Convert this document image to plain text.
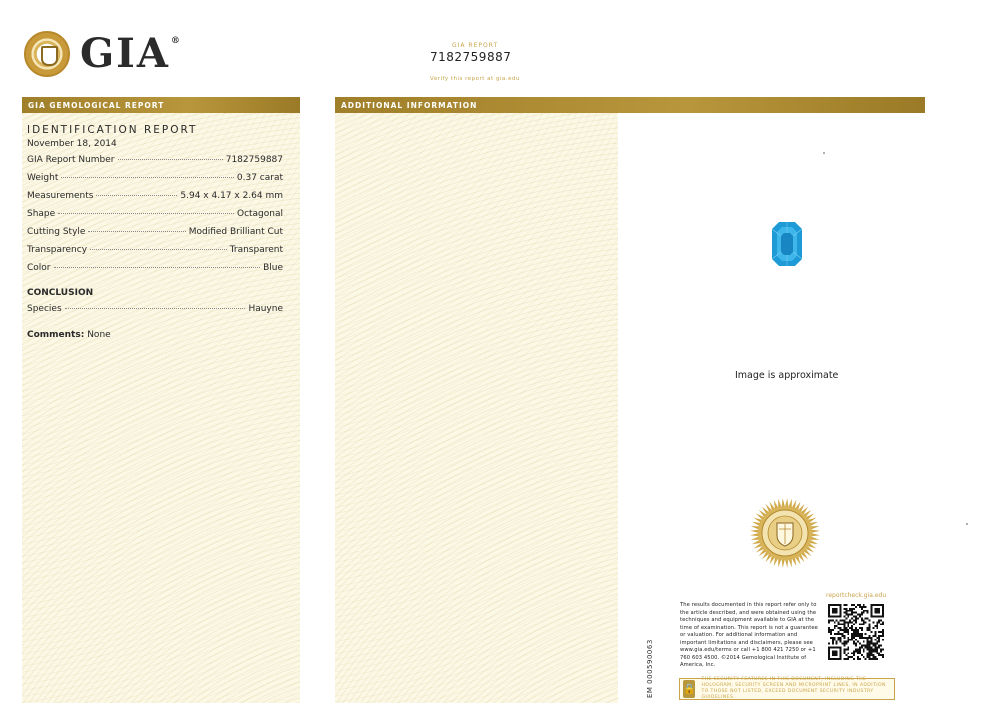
GIA®	GIA REPORT
7182759887
Verify this report at gia.edu
GIA GEMOLOGICAL REPORT	ADDITIONAL INFORMATION
IDENTIFICATION REPORT
November 18, 2014
GIA Report Number	7182759887
Weight	0.37 carat
Measurements	5.94 x 4.17 x 2.64 mm
Shape	Octagonal
Cutting Style	Modified Brilliant Cut
Transparency	Transparent
Color	Blue
CONCLUSION
Species	Hauyne
Comments: None
Image is approximate
reportcheck.gia.edu
The results documented in this report refer only to the article described, and were obtained using the techniques and equipment available to GIA at the time of examination. This report is not a guarantee or valuation. For additional information and important limitations and disclaimers, please see www.gia.edu/terms or call +1 800 421 7250 or +1 760 603 4500. ©2014 Gemological Institute of America, Inc.
EM 000590063	🔒
THE SECURITY FEATURES IN THIS DOCUMENT, INCLUDING THE HOLOGRAM, SECURITY SCREEN AND MICROPRINT LINES, IN ADDITION TO THOSE NOT LISTED, EXCEED DOCUMENT SECURITY INDUSTRY GUIDELINES.
